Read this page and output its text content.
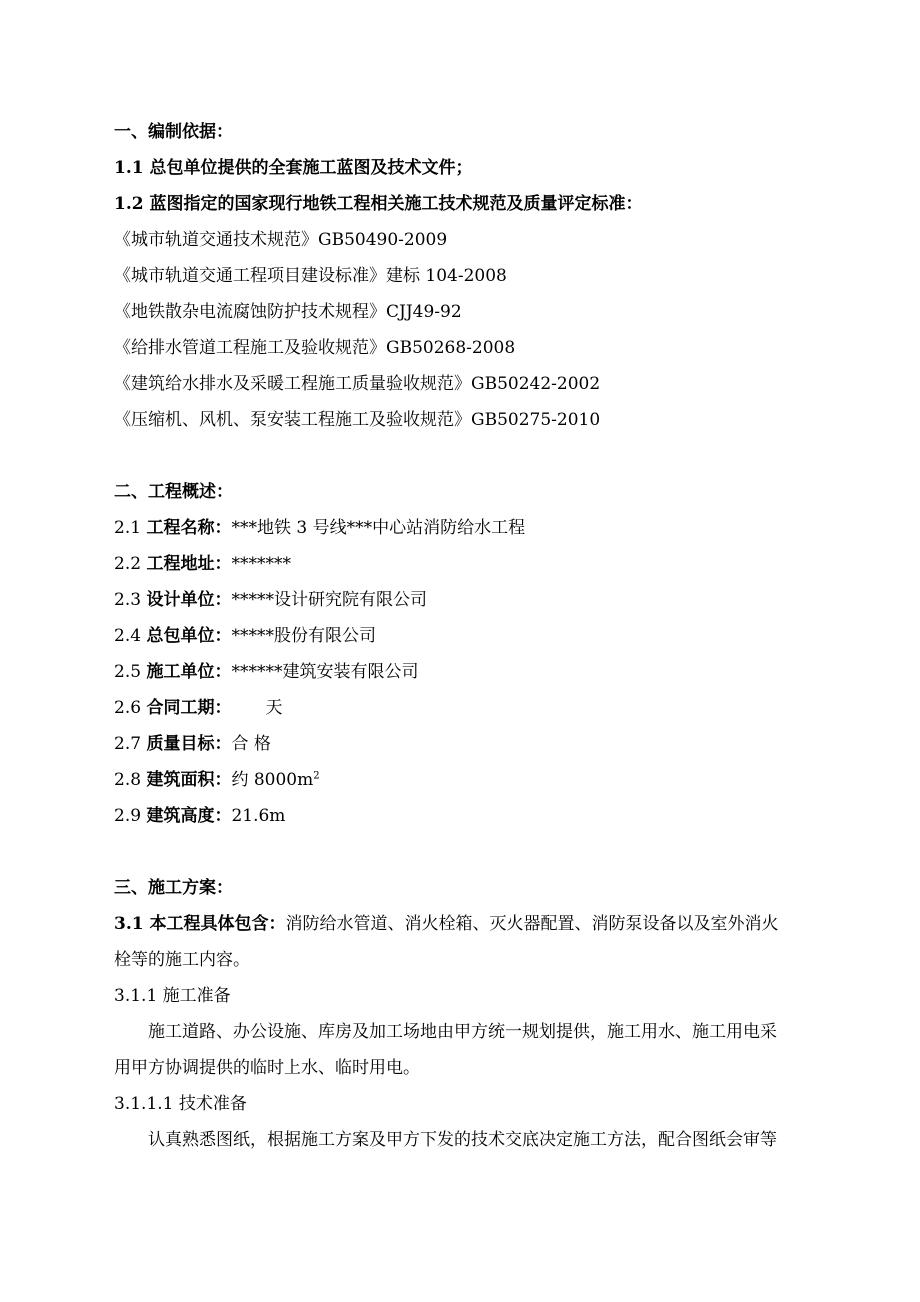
一、编制依据：
1.1 总包单位提供的全套施工蓝图及技术文件；
1.2 蓝图指定的国家现行地铁工程相关施工技术规范及质量评定标准：
《城市轨道交通技术规范》GB50490-2009
《城市轨道交通工程项目建设标准》建标 104-2008
《地铁散杂电流腐蚀防护技术规程》CJJ49-92
《给排水管道工程施工及验收规范》GB50268-2008
《建筑给水排水及采暖工程施工质量验收规范》GB50242-2002
《压缩机、风机、泵安装工程施工及验收规范》GB50275-2010
二、工程概述：
2.1 工程名称：***地铁 3 号线***中心站消防给水工程
2.2 工程地址：*******
2.3 设计单位：*****设计研究院有限公司
2.4 总包单位：*****股份有限公司
2.5 施工单位：******建筑安装有限公司
2.6 合同工期： 天
2.7 质量目标：合 格
2.8 建筑面积：约 $8000m^2$
2.9 建筑高度：21.6m
三、施工方案：
3.1 本工程具体包含：消防给水管道、消火栓箱、灭火器配置、消防泵设备以及室外消火
栓等的施工内容。
3.1.1 施工准备
施工道路、办公设施、库房及加工场地由甲方统一规划提供，施工用水、施工用电采
用甲方协调提供的临时上水、临时用电。
3.1.1.1 技术准备
认真熟悉图纸，根据施工方案及甲方下发的技术交底决定施工方法，配合图纸会审等
